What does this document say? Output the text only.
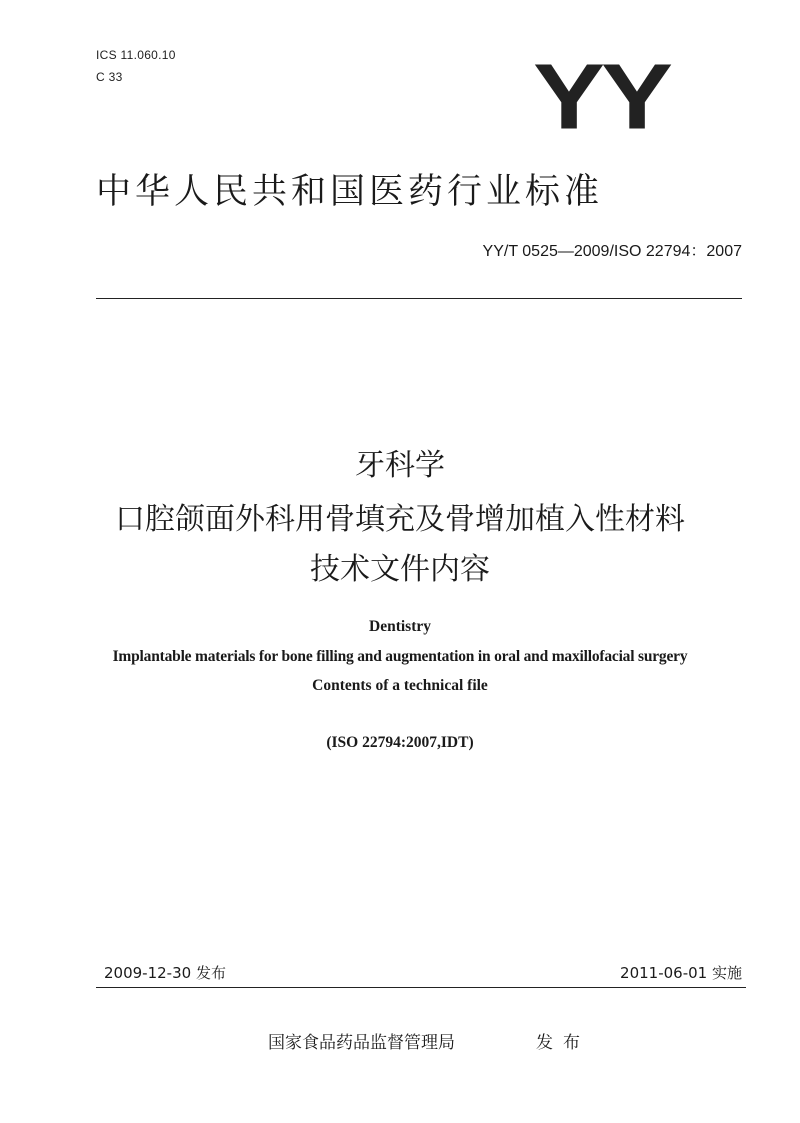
ICS 11.060.10
C 33	YY
中华人民共和国医药行业标准
YY/T 0525—2009/ISO 22794：2007
牙科学
口腔颌面外科用骨填充及骨增加植入性材料
技术文件内容
Dentistry
Implantable materials for bone filling and augmentation in oral and maxillofacial surgery
Contents of a technical file
(ISO 22794:2007,IDT)
2009-12-30 发布	2011-06-01 实施
国家食品药品监督管理局	发布
